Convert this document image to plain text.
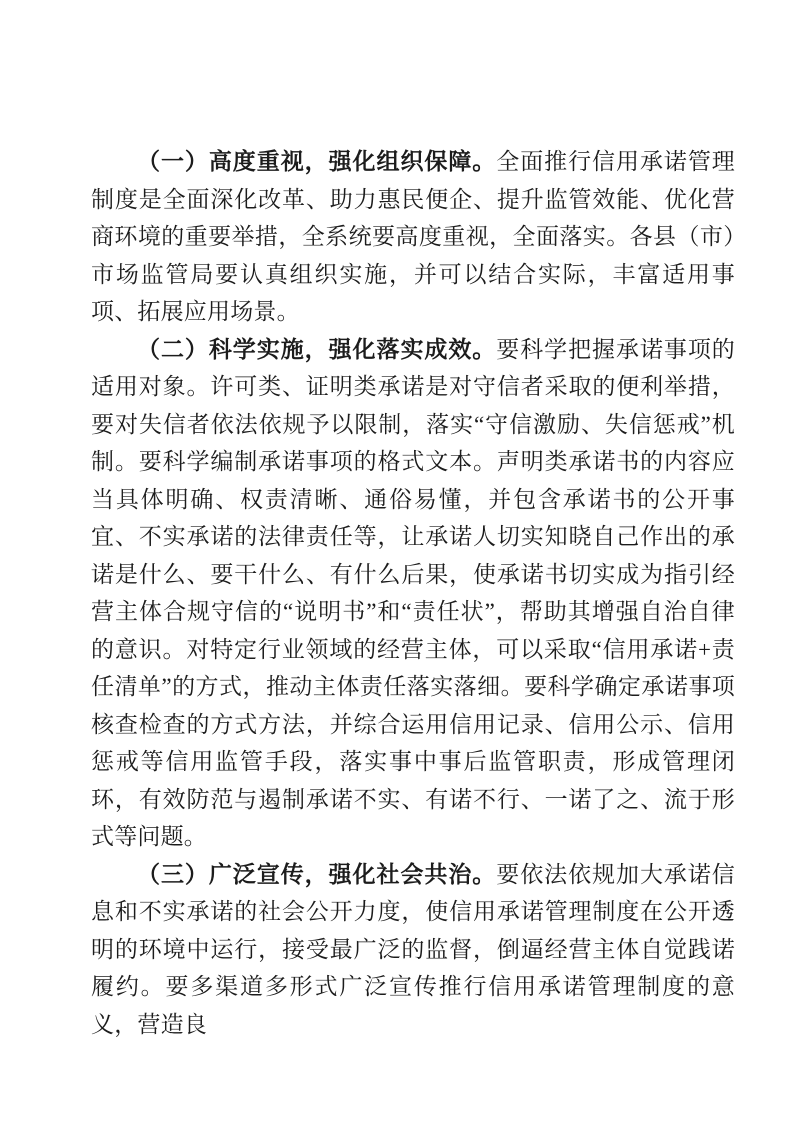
（一）高度重视，强化组织保障。全面推行信用承诺管理制度是全面深化改革、助力惠民便企、提升监管效能、优化营商环境的重要举措，全系统要高度重视，全面落实。各县（市）市场监管局要认真组织实施，并可以结合实际，丰富适用事项、拓展应用场景。

（二）科学实施，强化落实成效。要科学把握承诺事项的适用对象。许可类、证明类承诺是对守信者采取的便利举措，要对失信者依法依规予以限制，落实“守信激励、失信惩戒”机制。要科学编制承诺事项的格式文本。声明类承诺书的内容应当具体明确、权责清晰、通俗易懂，并包含承诺书的公开事宜、不实承诺的法律责任等，让承诺人切实知晓自己作出的承诺是什么、要干什么、有什么后果，使承诺书切实成为指引经营主体合规守信的“说明书”和“责任状”，帮助其增强自治自律的意识。对特定行业领域的经营主体，可以采取“信用承诺+责任清单”的方式，推动主体责任落实落细。要科学确定承诺事项核查检查的方式方法，并综合运用信用记录、信用公示、信用惩戒等信用监管手段，落实事中事后监管职责，形成管理闭环，有效防范与遏制承诺不实、有诺不行、一诺了之、流于形式等问题。

（三）广泛宣传，强化社会共治。要依法依规加大承诺信息和不实承诺的社会公开力度，使信用承诺管理制度在公开透明的环境中运行，接受最广泛的监督，倒逼经营主体自觉践诺履约。要多渠道多形式广泛宣传推行信用承诺管理制度的意义，营造良
